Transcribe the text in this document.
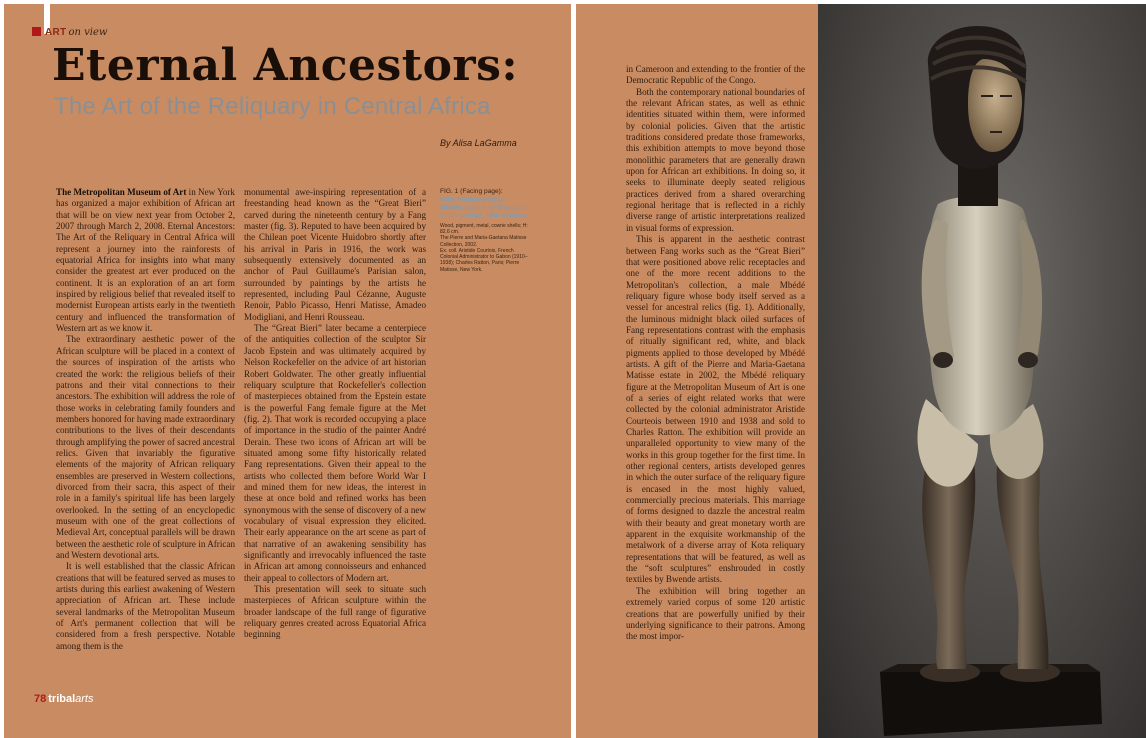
ART on view
Eternal Ancestors:
The Art of the Reliquary in Central Africa
By Alisa LaGamma

The Metropolitan Museum of Art in New York has organized a major exhibition of African art that will be on view next year from October 2, 2007 through March 2, 2008. Eternal Ancestors: The Art of the Reliquary in Central Africa will represent a journey into the rainforests of equatorial Africa for insights into what many consider the greatest art ever produced on the continent. It is an exploration of an art form inspired by religious belief that revealed itself to modernist European artists early in the twentieth century and influenced the transformation of Western art as we know it.

The extraordinary aesthetic power of the African sculpture will be placed in a context of the sources of inspiration of the artists who created the work: the religious beliefs of their patrons and their vital connections to their ancestors. The exhibition will address the role of those works in celebrating family founders and members honored for having made extraordinary contributions to the lives of their descendants through amplifying the power of sacred ancestral relics. Given that invariably the figurative elements of the majority of African reliquary ensembles are preserved in Western collections, divorced from their sacra, this aspect of their role in a family's spiritual life has been largely overlooked. In the setting of an encyclopedic museum with one of the great collections of Medieval Art, conceptual parallels will be drawn between the aesthetic role of sculpture in African and Western devotional arts.

It is well established that the classic African creations that will be featured served as muses to artists during this earliest awakening of Western appreciation of African art. These include several landmarks of the Metropolitan Museum of Art's permanent collection that will be considered from a fresh perspective. Notable among them is the

monumental awe-inspiring representation of a freestanding head known as the “Great Bieri” carved during the nineteenth century by a Fang master (fig. 3). Reputed to have been acquired by the Chilean poet Vicente Huidobro shortly after his arrival in Paris in 1916, the work was subsequently extensively documented as an anchor of Paul Guillaume's Parisian salon, surrounded by paintings by the artists he represented, including Paul Cézanne, Auguste Renoir, Pablo Picasso, Henri Matisse, Amadeo Modigliani, and Henri Rousseau.

The “Great Bieri” later became a centerpiece of the antiquities collection of the sculptor Sir Jacob Epstein and was ultimately acquired by Nelson Rockefeller on the advice of art historian Robert Goldwater. The other greatly influential reliquary sculpture that Rockefeller's collection of masterpieces obtained from the Epstein estate is the powerful Fang female figure at the Met (fig. 2). That work is recorded occupying a place of importance in the studio of the painter André Derain. These two icons of African art will be situated among some fifty historically related Fang representations. Given their appeal to the artists who collected them before World War I and mined them for new ideas, the interest in these at once bold and refined works has been synonymous with the sense of discovery of a new vocabulary of visual expression they elicited. Their early appearance on the art scene as part of that narrative of an awakening sensibility has significantly and irrevocably influenced the taste in African art among connoisseurs and enhanced their appeal to collectors of Modern art.

This presentation will seek to situate such masterpieces of African sculpture within the broader landscape of the full range of figurative reliquary genres created across Equatorial Africa beginning

FIG. 1 (Facing page):
Male reliquary figure. Mbédé, Gabon or Republic of the Congo. 19th century.
Wood, pigment, metal, cowrie shells; H: 82.6 cm.
The Pierre and Maria-Gaetana Matisse Collection, 2002.
Ex. coll. Aristide Courtois, French Colonial Administrator to Gabon (1910–1938); Charles Ratton, Paris; Pierre Matisse, New York.
78 tribalarts

in Cameroon and extending to the frontier of the Democratic Republic of the Congo.

Both the contemporary national boundaries of the relevant African states, as well as ethnic identities situated within them, were informed by colonial policies. Given that the artistic traditions considered predate those frameworks, this exhibition attempts to move beyond those monolithic parameters that are generally drawn upon for African art exhibitions. In doing so, it seeks to illuminate deeply seated religious practices derived from a shared overarching regional heritage that is reflected in a richly diverse range of artistic interpretations realized in visual forms of expression.

This is apparent in the aesthetic contrast between Fang works such as the “Great Bieri” that were positioned above relic receptacles and one of the more recent additions to the Metropolitan's collection, a male Mbédé reliquary figure whose body itself served as a vessel for ancestral relics (fig. 1). Additionally, the luminous midnight black oiled surfaces of Fang representations contrast with the emphasis of ritually significant red, white, and black pigments applied to those developed by Mbédé artists. A gift of the Pierre and Maria-Gaetana Matisse estate in 2002, the Mbédé reliquary figure at the Metropolitan Museum of Art is one of a series of eight related works that were collected by the colonial administrator Aristide Courteois between 1910 and 1938 and sold to Charles Ratton. The exhibition will provide an unparalleled opportunity to view many of the works in this group together for the first time. In other regional centers, artists developed genres in which the outer surface of the reliquary figure is encased in the most highly valued, commercially precious materials. This marriage of forms designed to dazzle the ancestral realm with their beauty and great monetary worth are apparent in the exquisite workmanship of the metalwork of a diverse array of Kota reliquary representations that will be featured, as well as the “soft sculptures” enshrouded in costly textiles by Bwende artists.

The exhibition will bring together an extremely varied corpus of some 120 artistic creations that are powerfully unified by their underlying significance to their patrons. Among the most impor-
